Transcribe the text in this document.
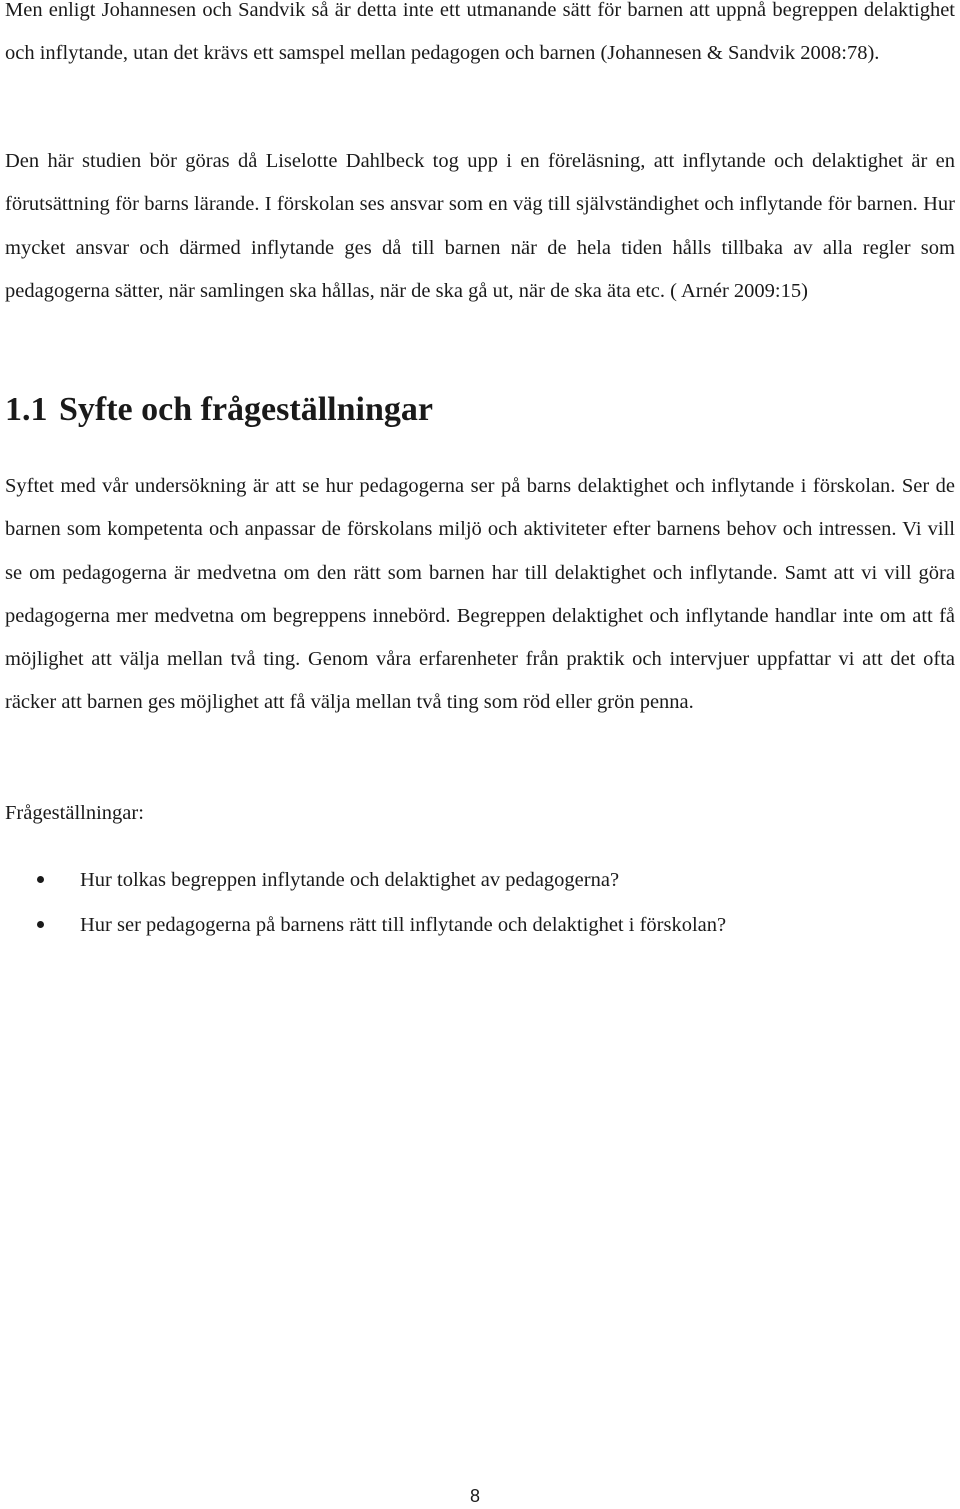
Men enligt Johannesen och Sandvik så är detta inte ett utmanande sätt för barnen att uppnå begreppen delaktighet och inflytande, utan det krävs ett samspel mellan pedagogen och barnen (Johannesen & Sandvik 2008:78).

Den här studien bör göras då Liselotte Dahlbeck tog upp i en föreläsning, att inflytande och delaktighet är en förutsättning för barns lärande. I förskolan ses ansvar som en väg till självständighet och inflytande för barnen. Hur mycket ansvar och därmed inflytande ges då till barnen när de hela tiden hålls tillbaka av alla regler som pedagogerna sätter, när samlingen ska hållas, när de ska gå ut, när de ska äta etc. ( Arnér 2009:15)

1.1 Syfte och frågeställningar

Syftet med vår undersökning är att se hur pedagogerna ser på barns delaktighet och inflytande i förskolan. Ser de barnen som kompetenta och anpassar de förskolans miljö och aktiviteter efter barnens behov och intressen. Vi vill se om pedagogerna är medvetna om den rätt som barnen har till delaktighet och inflytande. Samt att vi vill göra pedagogerna mer medvetna om begreppens innebörd. Begreppen delaktighet och inflytande handlar inte om att få möjlighet att välja mellan två ting. Genom våra erfarenheter från praktik och intervjuer uppfattar vi att det ofta räcker att barnen ges möjlighet att få välja mellan två ting som röd eller grön penna.

Frågeställningar:

Hur tolkas begreppen inflytande och delaktighet av pedagogerna?
Hur ser pedagogerna på barnens rätt till inflytande och delaktighet i förskolan?
8
